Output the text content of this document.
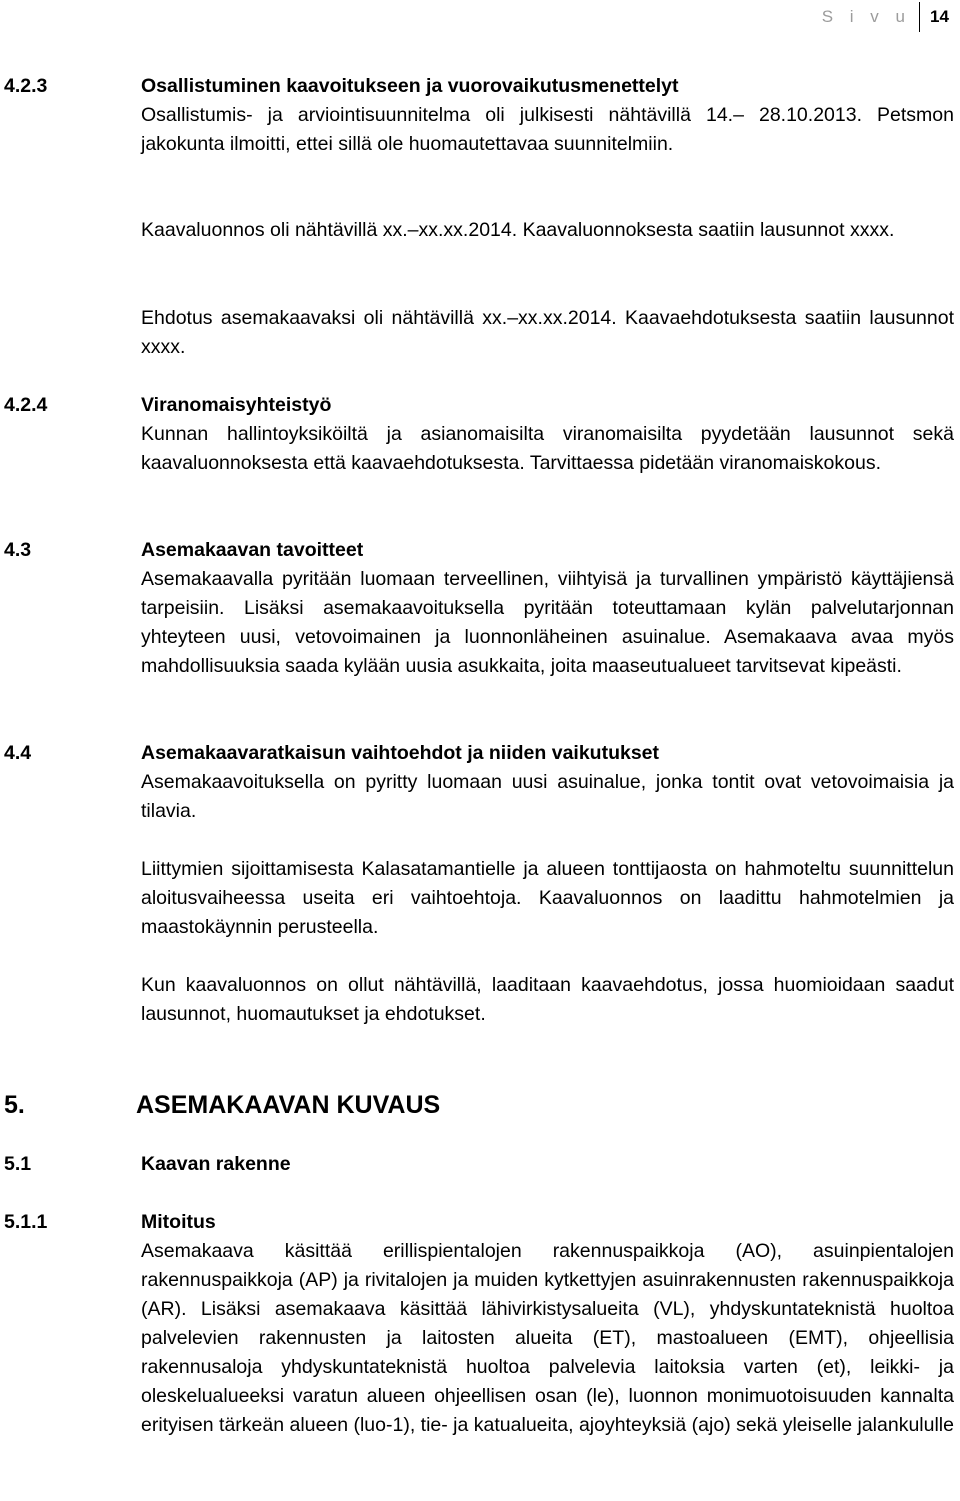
S i v u 14
4.2.3	Osallistuminen kaavoitukseen ja vuorovaikutusmenettelyt
Osallistumis- ja arviointisuunnitelma oli julkisesti nähtävillä 14.– 28.10.2013. Petsmon jakokunta ilmoitti, ettei sillä ole huomautettavaa suunnitelmiin.
Kaavaluonnos oli nähtävillä xx.–xx.xx.2014. Kaavaluonnoksesta saatiin lausunnot xxxx.
Ehdotus asemakaavaksi oli nähtävillä xx.–xx.xx.2014. Kaavaehdotuksesta saatiin lausunnot xxxx.
4.2.4	Viranomaisyhteistyö
Kunnan hallintoyksiköiltä ja asianomaisilta viranomaisilta pyydetään lausunnot sekä kaavaluonnoksesta että kaavaehdotuksesta. Tarvittaessa pidetään viranomaiskokous.
4.3	Asemakaavan tavoitteet
Asemakaavalla pyritään luomaan terveellinen, viihtyisä ja turvallinen ympäristö käyttäjiensä tarpeisiin. Lisäksi asemakaavoituksella pyritään toteuttamaan kylän palvelutarjonnan yhteyteen uusi, vetovoimainen ja luonnonläheinen asuinalue. Asemakaava avaa myös mahdollisuuksia saada kylään uusia asukkaita, joita maaseutualueet tarvitsevat kipeästi.
4.4	Asemakaavaratkaisun vaihtoehdot ja niiden vaikutukset
Asemakaavoituksella on pyritty luomaan uusi asuinalue, jonka tontit ovat vetovoimaisia ja tilavia.
Liittymien sijoittamisesta Kalasatamantielle ja alueen tonttijaosta on hahmoteltu suunnittelun aloitusvaiheessa useita eri vaihtoehtoja. Kaavaluonnos on laadittu hahmotelmien ja maastokäynnin perusteella.
Kun kaavaluonnos on ollut nähtävillä, laaditaan kaavaehdotus, jossa huomioidaan saadut lausunnot, huomautukset ja ehdotukset.
5.	ASEMAKAAVAN KUVAUS
5.1	Kaavan rakenne
5.1.1	Mitoitus
Asemakaava käsittää erillispientalojen rakennuspaikkoja (AO), asuinpientalojen rakennuspaikkoja (AP) ja rivitalojen ja muiden kytkettyjen asuinrakennusten rakennuspaikkoja (AR). Lisäksi asemakaava käsittää lähivirkistysalueita (VL), yhdyskuntateknistä huoltoa palvelevien rakennusten ja laitosten alueita (ET), mastoalueen (EMT), ohjeellisia rakennusaloja yhdyskuntateknistä huoltoa palvelevia laitoksia varten (et), leikki- ja oleskelualueeksi varatun alueen ohjeellisen osan (le), luonnon monimuotoisuuden kannalta erityisen tärkeän alueen (luo-1), tie- ja katualueita, ajoyhteyksiä (ajo) sekä yleiselle jalankululle
